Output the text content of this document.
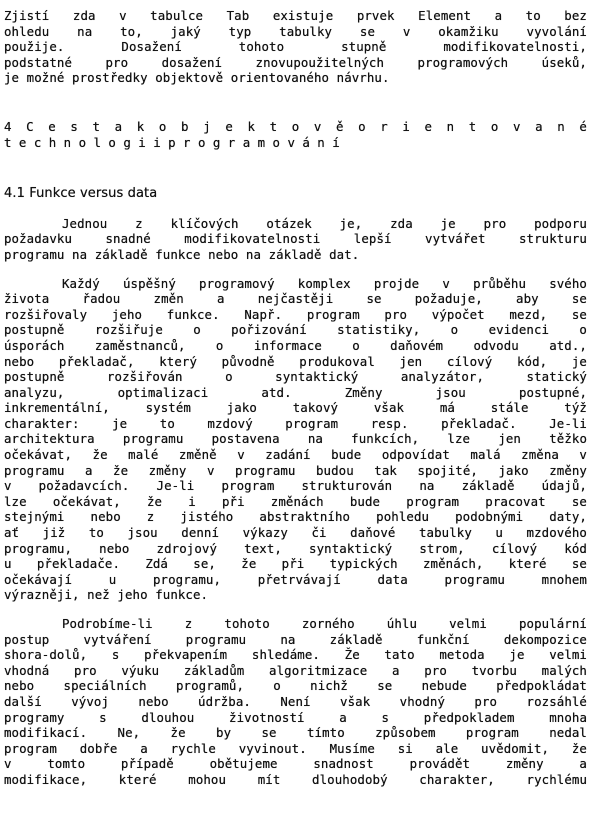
Zjistí zda v tabulce Tab existuje prvek Element a to bez
ohledu na to, jaký typ tabulky se v okamžiku vyvolání
použije. Dosažení tohoto stupně modifikovatelnosti,
podstatné pro dosažení znovupoužitelných programových úseků,
je možné prostředky objektově orientovaného návrhu.
4 C e s t a k o b j e k t o v ě o r i e n t o v a n é
t e c h n o l o g i i p r o g r a m o v á n í
4.1 Funkce versus data
Jednou z klíčových otázek je, zda je pro podporu
požadavku snadné modifikovatelnosti lepší vytvářet strukturu
programu na základě funkce nebo na základě dat.
Každý úspěšný programový komplex projde v průběhu svého
života řadou změn a nejčastěji se požaduje, aby se
rozšiřovaly jeho funkce. Např. program pro výpočet mezd, se
postupně rozšiřuje o pořizování statistiky, o evidenci o
úsporách zaměstnanců, o informace o daňovém odvodu atd.,
nebo překladač, který původně produkoval jen cílový kód, je
postupně rozšiřován o syntaktický analyzátor, statický
analyzu, optimalizaci atd. Změny jsou postupné,
inkrementální, systém jako takový však má stále týž
charakter: je to mzdový program resp. překladač. Je-li
architektura programu postavena na funkcích, lze jen těžko
očekávat, že malé změně v zadání bude odpovídat malá změna v
programu a že změny v programu budou tak spojité, jako změny
v požadavcích. Je-li program strukturován na základě údajů,
lze očekávat, že i při změnách bude program pracovat se
stejnými nebo z jistého abstraktního pohledu podobnými daty,
ať již to jsou denní výkazy či daňové tabulky u mzdového
programu, nebo zdrojový text, syntaktický strom, cílový kód
u překladače. Zdá se, že při typických změnách, které se
očekávají u programu, přetrvávají data programu mnohem
výrazněji, než jeho funkce.
Podrobíme-li z tohoto zorného úhlu velmi populární
postup vytváření programu na základě funkční dekompozice
shora-dolů, s překvapením shledáme. Že tato metoda je velmi
vhodná pro výuku základům algoritmizace a pro tvorbu malých
nebo speciálních programů, o nichž se nebude předpokládat
další vývoj nebo údržba. Není však vhodný pro rozsáhlé
programy s dlouhou životností a s předpokladem mnoha
modifikací. Ne, že by se tímto způsobem program nedal
program dobře a rychle vyvinout. Musíme si ale uvědomit, že
v tomto případě obětujeme snadnost provádět změny a
modifikace, které mohou mít dlouhodobý charakter, rychlému
